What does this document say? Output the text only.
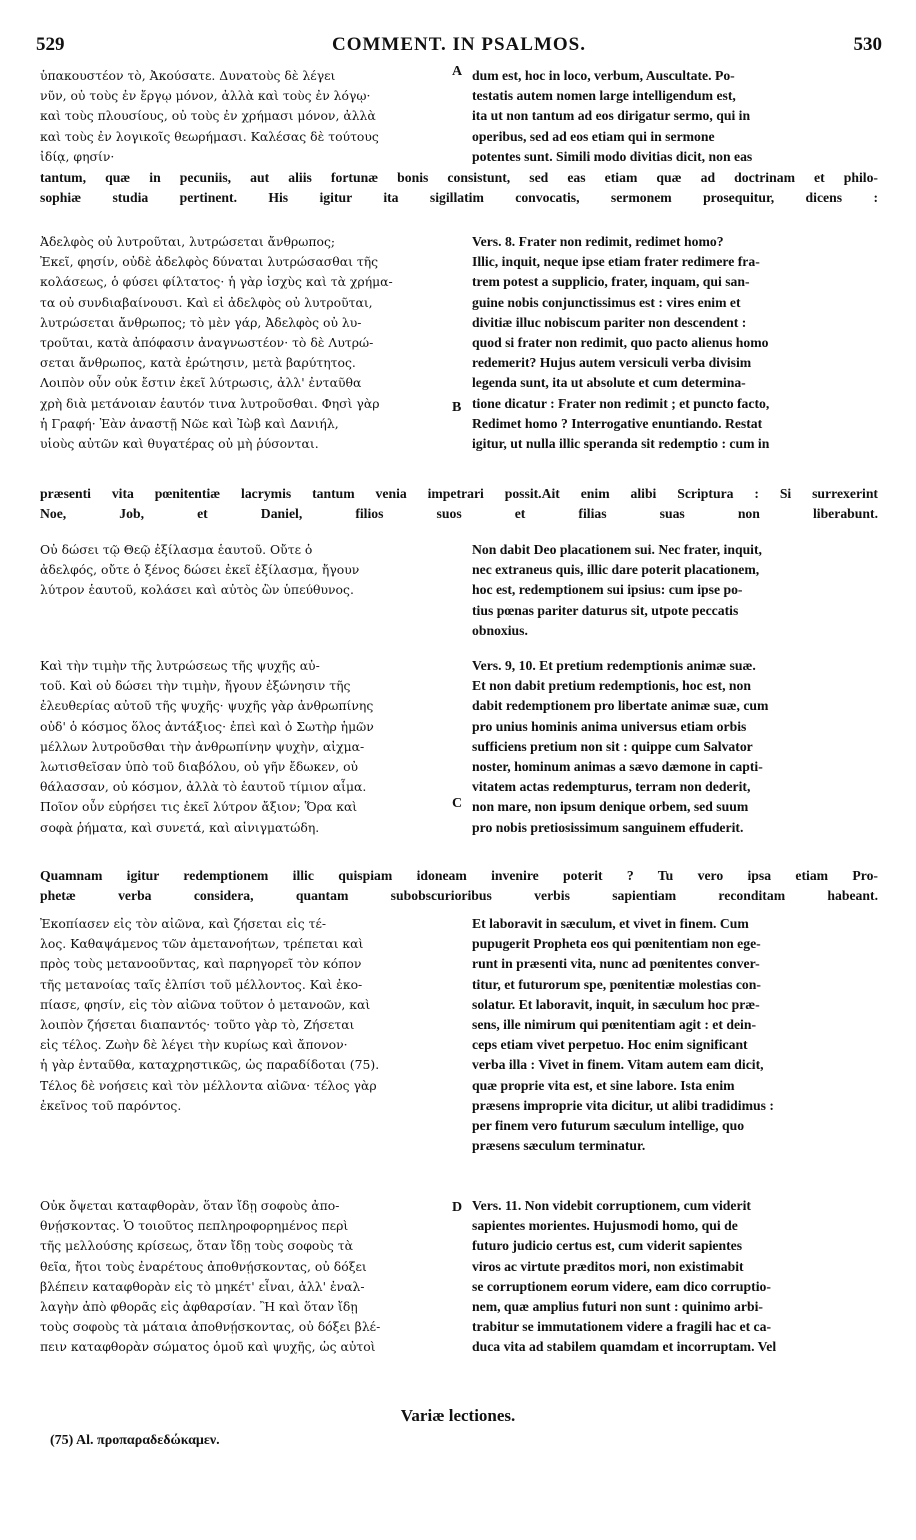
529	COMMENT. IN PSALMOS.	530
A
B
C
D
ὑπακουστέον τὸ, Ἀκούσατε. Δυνατοὺς δὲ λέγει
νῦν, οὐ τοὺς ἐν ἔργῳ μόνον, ἀλλὰ καὶ τοὺς ἐν λόγῳ·
καὶ τοὺς πλουσίους, οὐ τοὺς ἐν χρήμασι μόνον, ἀλλὰ
καὶ τοὺς ἐν λογικοῖς θεωρήμασι. Καλέσας δὲ τούτους
ἰδίᾳ, φησίν·
dum est, hoc in loco, verbum, Auscultate. Po-
testatis autem nomen large intelligendum est,
ita ut non tantum ad eos dirigatur sermo, qui in
operibus, sed ad eos etiam qui in sermone
potentes sunt. Simili modo divitias dicit, non eas
tantum, quæ in pecuniis, aut aliis fortunæ bonis consistunt, sed eas etiam quæ ad doctrinam et philo-
sophiæ studia pertinent. His igitur ita sigillatim convocatis, sermonem prosequitur, dicens :
Ἀδελφὸς οὐ λυτροῦται, λυτρώσεται ἄνθρωπος;
Ἐκεῖ, φησίν, οὐδὲ ἀδελφὸς δύναται λυτρώσασθαι τῆς
κολάσεως, ὁ φύσει φίλτατος· ἡ γὰρ ἰσχὺς καὶ τὰ χρήμα-
τα οὐ συνδιαβαίνουσι. Καὶ εἰ ἀδελφὸς οὐ λυτροῦται,
λυτρώσεται ἄνθρωπος; τὸ μὲν γάρ, Ἀδελφὸς οὐ λυ-
τροῦται, κατὰ ἀπόφασιν ἀναγνωστέον· τὸ δὲ Λυτρώ-
σεται ἄνθρωπος, κατὰ ἐρώτησιν, μετὰ βαρύτητος.
Λοιπὸν οὖν οὐκ ἔστιν ἐκεῖ λύτρωσις, ἀλλ' ἐνταῦθα
χρὴ διὰ μετάνοιαν ἑαυτόν τινα λυτροῦσθαι. Φησὶ γὰρ
ἡ Γραφή· Ἐὰν ἀναστῇ Νῶε καὶ Ἰὼβ καὶ Δανιήλ,
υἱοὺς αὐτῶν καὶ θυγατέρας οὐ μὴ ῥύσονται.
Vers. 8. Frater non redimit, redimet homo?
Illic, inquit, neque ipse etiam frater redimere fra-
trem potest a supplicio, frater, inquam, qui san-
guine nobis conjunctissimus est : vires enim et
divitiæ illuc nobiscum pariter non descendent :
quod si frater non redimit, quo pacto alienus homo
redemerit? Hujus autem versiculi verba divisim
legenda sunt, ita ut absolute et cum determina-
tione dicatur : Frater non redimit ; et puncto facto,
Redimet homo ? Interrogative enuntiando. Restat
igitur, ut nulla illic speranda sit redemptio : cum in
præsenti vita pœnitentiæ lacrymis tantum venia impetrari possit.Ait enim alibi Scriptura : Si surrexerint
Noe, Job, et Daniel, filios suos et filias suas non liberabunt.
Οὐ δώσει τῷ Θεῷ ἐξίλασμα ἑαυτοῦ. Οὔτε ὁ
ἀδελφός, οὔτε ὁ ξένος δώσει ἐκεῖ ἐξίλασμα, ἤγουν
λύτρον ἑαυτοῦ, κολάσει καὶ αὐτὸς ὢν ὑπεύθυνος.
Non dabit Deo placationem sui. Nec frater, inquit,
nec extraneus quis, illic dare poterit placationem,
hoc est, redemptionem sui ipsius: cum ipse po-
tius pœnas pariter daturus sit, utpote peccatis
obnoxius.
Καὶ τὴν τιμὴν τῆς λυτρώσεως τῆς ψυχῆς αὐ-
τοῦ. Καὶ οὐ δώσει τὴν τιμὴν, ἤγουν ἐξώνησιν τῆς
ἐλευθερίας αὐτοῦ τῆς ψυχῆς· ψυχῆς γὰρ ἀνθρωπίνης
οὐδ' ὁ κόσμος ὅλος ἀντάξιος· ἐπεὶ καὶ ὁ Σωτὴρ ἡμῶν
μέλλων λυτροῦσθαι τὴν ἀνθρωπίνην ψυχὴν, αἰχμα-
λωτισθεῖσαν ὑπὸ τοῦ διαβόλου, οὐ γῆν ἔδωκεν, οὐ
θάλασσαν, οὐ κόσμον, ἀλλὰ τὸ ἑαυτοῦ τίμιον αἷμα.
Ποῖον οὖν εὑρήσει τις ἐκεῖ λύτρον ἄξιον; Ὅρα καὶ
σοφὰ ῥήματα, καὶ συνετά, καὶ αἰνιγματώδη.
Vers. 9, 10. Et pretium redemptionis animæ suæ.
Et non dabit pretium redemptionis, hoc est, non
dabit redemptionem pro libertate animæ suæ, cum
pro unius hominis anima universus etiam orbis
sufficiens pretium non sit : quippe cum Salvator
noster, hominum animas a sævo dæmone in capti-
vitatem actas redempturus, terram non dederit,
non mare, non ipsum denique orbem, sed suum
pro nobis pretiosissimum sanguinem effuderit.
Quamnam igitur redemptionem illic quispiam idoneam invenire poterit ? Tu vero ipsa etiam Pro-
phetæ verba considera, quantam subobscurioribus verbis sapientiam reconditam habeant.
Ἐκοπίασεν εἰς τὸν αἰῶνα, καὶ ζήσεται εἰς τέ-
λος. Καθαψάμενος τῶν ἀμετανοήτων, τρέπεται καὶ
πρὸς τοὺς μετανοοῦντας, καὶ παρηγορεῖ τὸν κόπον
τῆς μετανοίας ταῖς ἐλπίσι τοῦ μέλλοντος. Καὶ ἐκο-
πίασε, φησίν, εἰς τὸν αἰῶνα τοῦτον ὁ μετανοῶν, καὶ
λοιπὸν ζήσεται διαπαντός· τοῦτο γὰρ τὸ, Ζήσεται
εἰς τέλος. Ζωὴν δὲ λέγει τὴν κυρίως καὶ ἄπονον·
ἡ γὰρ ἐνταῦθα, καταχρηστικῶς, ὡς παραδίδοται (75).
Τέλος δὲ νοήσεις καὶ τὸν μέλλοντα αἰῶνα· τέλος γὰρ
ἐκεῖνος τοῦ παρόντος.
Et laboravit in sæculum, et vivet in finem. Cum
pupugerit Propheta eos qui pœnitentiam non ege-
runt in præsenti vita, nunc ad pœnitentes conver-
titur, et futurorum spe, pœnitentiæ molestias con-
solatur. Et laboravit, inquit, in sæculum hoc præ-
sens, ille nimirum qui pœnitentiam agit : et dein-
ceps etiam vivet perpetuo. Hoc enim significant
verba illa : Vivet in finem. Vitam autem eam dicit,
quæ proprie vita est, et sine labore. Ista enim
præsens improprie vita dicitur, ut alibi tradidimus :
per finem vero futurum sæculum intellige, quo
præsens sæculum terminatur.
Οὐκ ὄψεται καταφθορὰν, ὅταν ἴδῃ σοφοὺς ἀπο-
θνῄσκοντας. Ὁ τοιοῦτος πεπληροφορημένος περὶ
τῆς μελλούσης κρίσεως, ὅταν ἴδῃ τοὺς σοφοὺς τὰ
θεῖα, ἤτοι τοὺς ἐναρέτους ἀποθνῄσκοντας, οὐ δόξει
βλέπειν καταφθορὰν εἰς τὸ μηκέτ' εἶναι, ἀλλ' ἐναλ-
λαγὴν ἀπὸ φθορᾶς εἰς ἀφθαρσίαν. Ἢ καὶ ὅταν ἴδῃ
τοὺς σοφοὺς τὰ μάταια ἀποθνῄσκοντας, οὐ δόξει βλέ-
πειν καταφθορὰν σώματος ὁμοῦ καὶ ψυχῆς, ὡς αὐτοὶ
Vers. 11. Non videbit corruptionem, cum viderit
sapientes morientes. Hujusmodi homo, qui de
futuro judicio certus est, cum viderit sapientes
viros ac virtute præditos mori, non existimabit
se corruptionem eorum videre, eam dico corruptio-
nem, quæ amplius futuri non sunt : quinimo arbi-
trabitur se immutationem videre a fragili hac et ca-
duca vita ad stabilem quamdam et incorruptam. Vel
Variæ lectiones.
(75) Al. προπαραδεδώκαμεν.
